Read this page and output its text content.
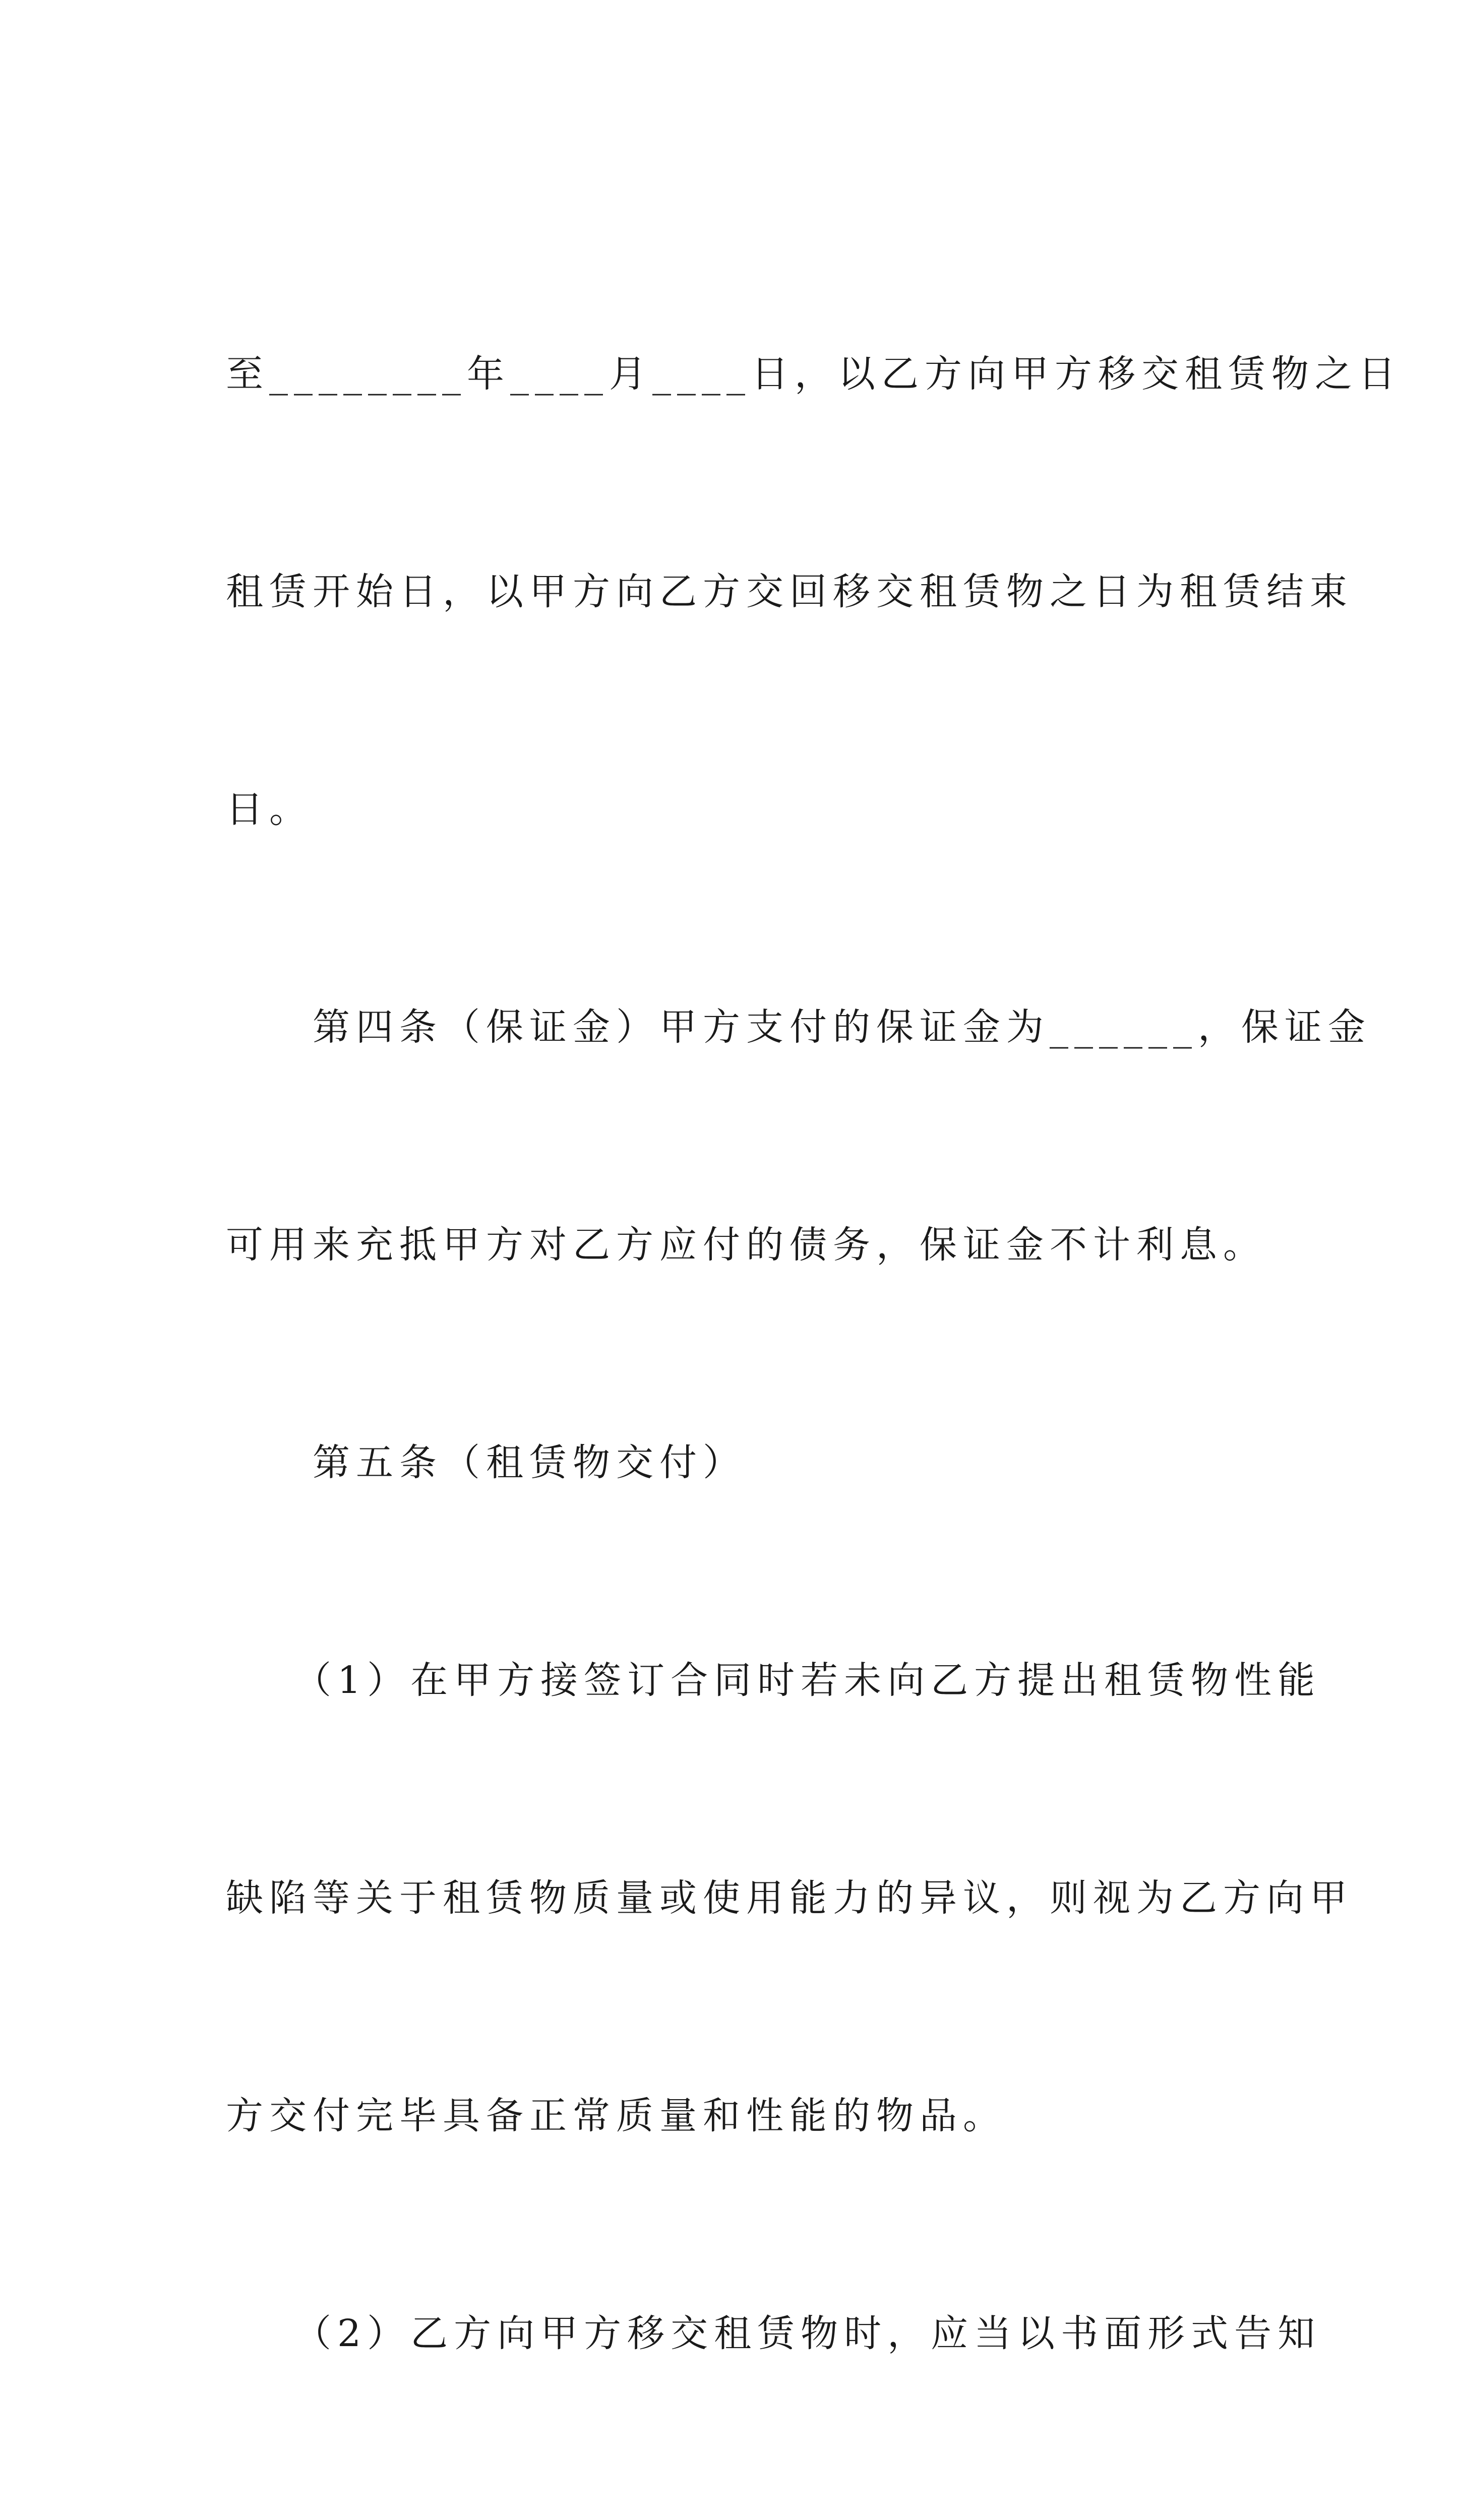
至________年____月____日，以乙方向甲方移交租赁物之日

租赁开始日，以甲方向乙方交回移交租赁物之日为租赁结束

日。

　　第四条（保证金）甲方支付的保证金为______，保证金

可用来充抵甲方对乙方应付的债务，保证金不计利息。

　　第五条（租赁物交付）

　　（1）在甲方接签订合同时若未向乙方提出租赁物性能

缺陷等关于租赁物质量或使用能力的异议，则视为乙方向甲

方交付完毕具备正常质量和性能的物品。

　　（2）乙方向甲方移交租赁物时，应当以书面形式告知
